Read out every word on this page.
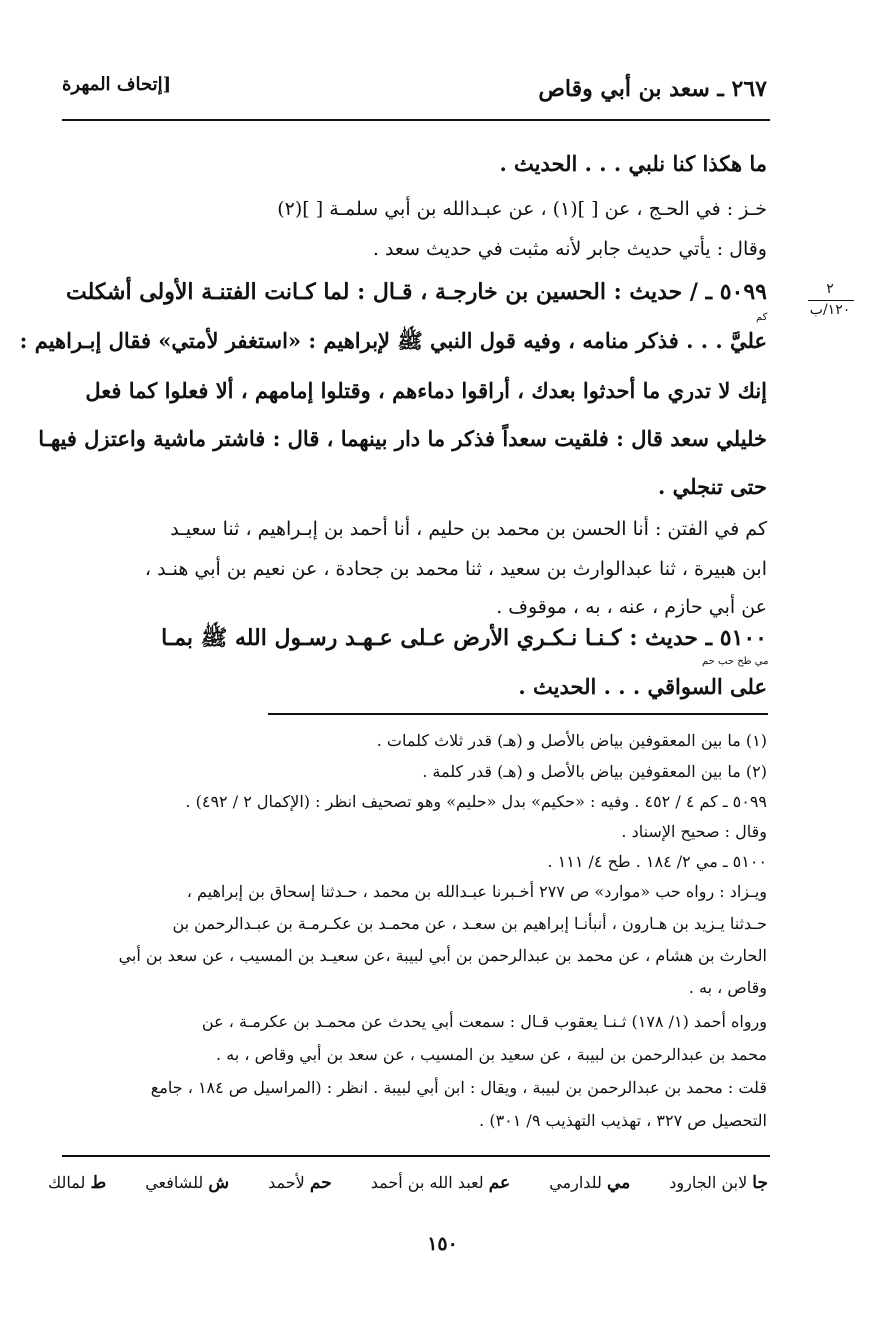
٢٦٧ ـ سعد بن أبي وقاص
[إتحاف المهرة
٢
١٢٠/ب
ما هكذا كنا نلبي . . . الحديث .
خـز : في الحـج ، عن [ ](١) ، عن عبـدالله بن أبي سلمـة [ ](٢)
وقال : يأتي حديث جابر لأنه مثبت في حديث سعد .
٥٠٩٩ ـ / حديث : الحسين بن خارجـة ، قـال : لما كـانت الفتنـة الأولى أشكلت
كم
عليَّ . . . فذكر منامه ، وفيه قول النبي ﷺ لإبراهيم : «استغفر لأمتي» فقال إبـراهيم :
إنك لا تدري ما أحدثوا بعدك ، أراقوا دماءهم ، وقتلوا إمامهم ، ألا فعلوا كما فعل
خليلي سعد قال : فلقيت سعداً فذكر ما دار بينهما ، قال : فاشتر ماشية واعتزل فيهـا
حتى تنجلي .
كم في الفتن : أنا الحسن بن محمد بن حليم ، أنا أحمد بن إبـراهيم ، ثنا سعيـد
ابن هبيرة ، ثنا عبدالوارث بن سعيد ، ثنا محمد بن جحادة ، عن نعيم بن أبي هنـد ،
عن أبي حازم ، عنه ، به ، موقوف .
٥١٠٠ ـ حديث : كـنـا نـكـري الأرض عـلى عـهـد رسـول الله ﷺ بمـا
مي طح حب حم
على السواقي . . . الحديث .
(١) ما بين المعقوفين بياض بالأصل و (هـ) قدر ثلاث كلمات .
(٢) ما بين المعقوفين بياض بالأصل و (هـ) قدر كلمة .
٥٠٩٩ ـ كم ٤ / ٤٥٢ . وفيه : «حكيم» بدل «حليم» وهو تصحيف انظر : (الإكمال ٢ / ٤٩٢) .
وقال : صحيح الإسناد .
٥١٠٠ ـ مي ٢/ ١٨٤ . طح ٤/ ١١١ .
ويـزاد : رواه حب «موارد» ص ٢٧٧ أخـبرنا عبـدالله بن محمد ، حـدثنا إسحاق بن إبراهيم ،
حـدثنا يـزيد بن هـارون ، أنبأنـا إبراهيم بن سعـد ، عن محمـد بن عكـرمـة بن عبـدالرحمن بن
الحارث بن هشام ، عن محمد بن عبدالرحمن بن أبي لبيبة ،عن سعيـد بن المسيب ، عن سعد بن أبي
وقاص ، به .
ورواه أحمد (١/ ١٧٨) ثـنـا يعقوب قـال : سمعت أبي يحدث عن محمـد بن عكرمـة ، عن
محمد بن عبدالرحمن بن لبيبة ، عن سعيد بن المسيب ، عن سعد بن أبي وقاص ، به .
قلت : محمد بن عبدالرحمن بن لبيبة ، ويقال : ابن أبي لبيبة . انظر : (المراسيل ص ١٨٤ ، جامع
التحصيل ص ٣٢٧ ، تهذيب التهذيب ٩/ ٣٠١) .
ط لمالك	ش للشافعي	حم لأحمد	عم لعبد الله بن أحمد	مي للدارمي	جا لابن الجارود
١٥٠
